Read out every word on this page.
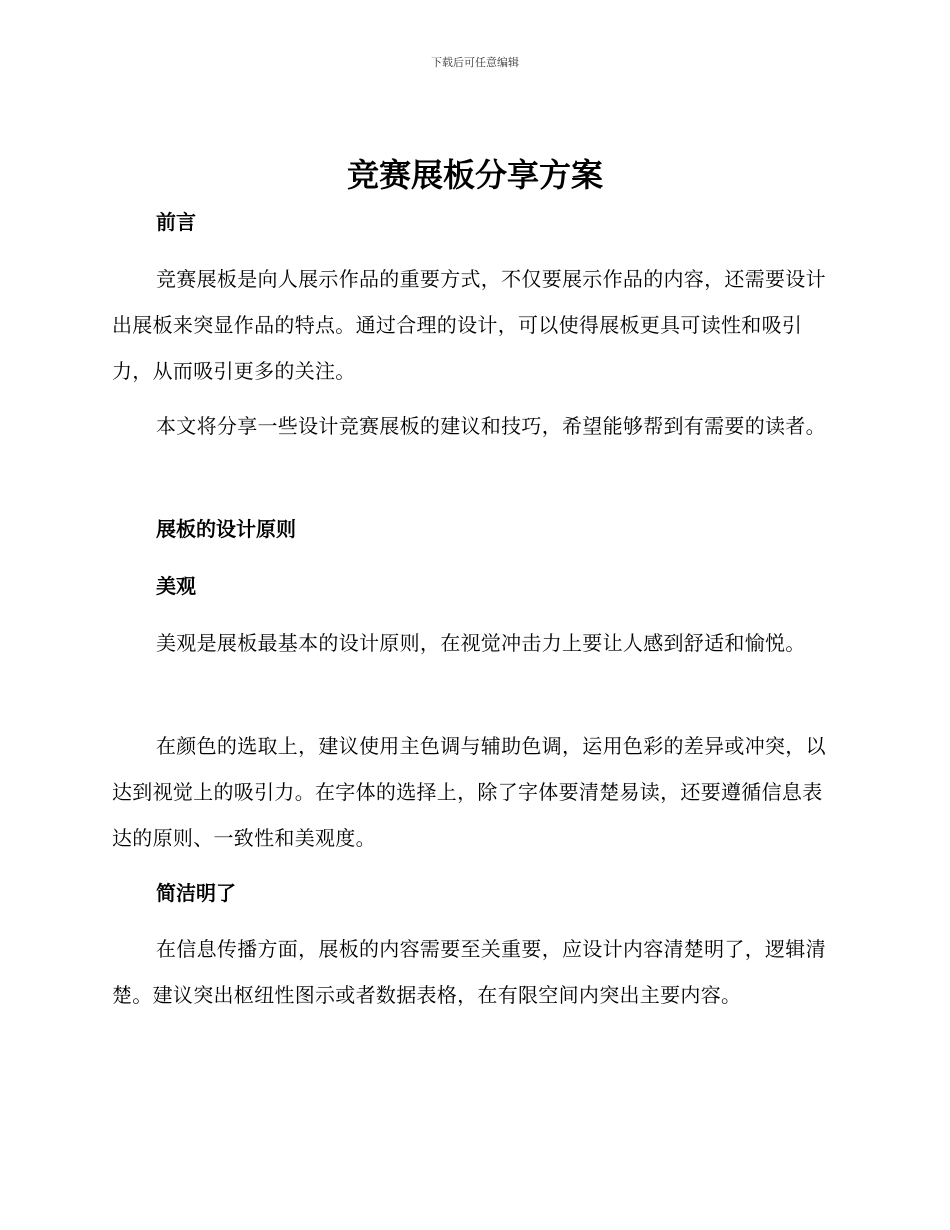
下载后可任意编辑
竞赛展板分享方案
前言

竞赛展板是向人展示作品的重要方式，不仅要展示作品的内容，还需要设计出展板来突显作品的特点。通过合理的设计，可以使得展板更具可读性和吸引力，从而吸引更多的关注。

本文将分享一些设计竞赛展板的建议和技巧，希望能够帮到有需要的读者。

展板的设计原则
美观

美观是展板最基本的设计原则，在视觉冲击力上要让人感到舒适和愉悦。

在颜色的选取上，建议使用主色调与辅助色调，运用色彩的差异或冲突，以达到视觉上的吸引力。在字体的选择上，除了字体要清楚易读，还要遵循信息表达的原则、一致性和美观度。

简洁明了

在信息传播方面，展板的内容需要至关重要，应设计内容清楚明了，逻辑清楚。建议突出枢纽性图示或者数据表格，在有限空间内突出主要内容。
